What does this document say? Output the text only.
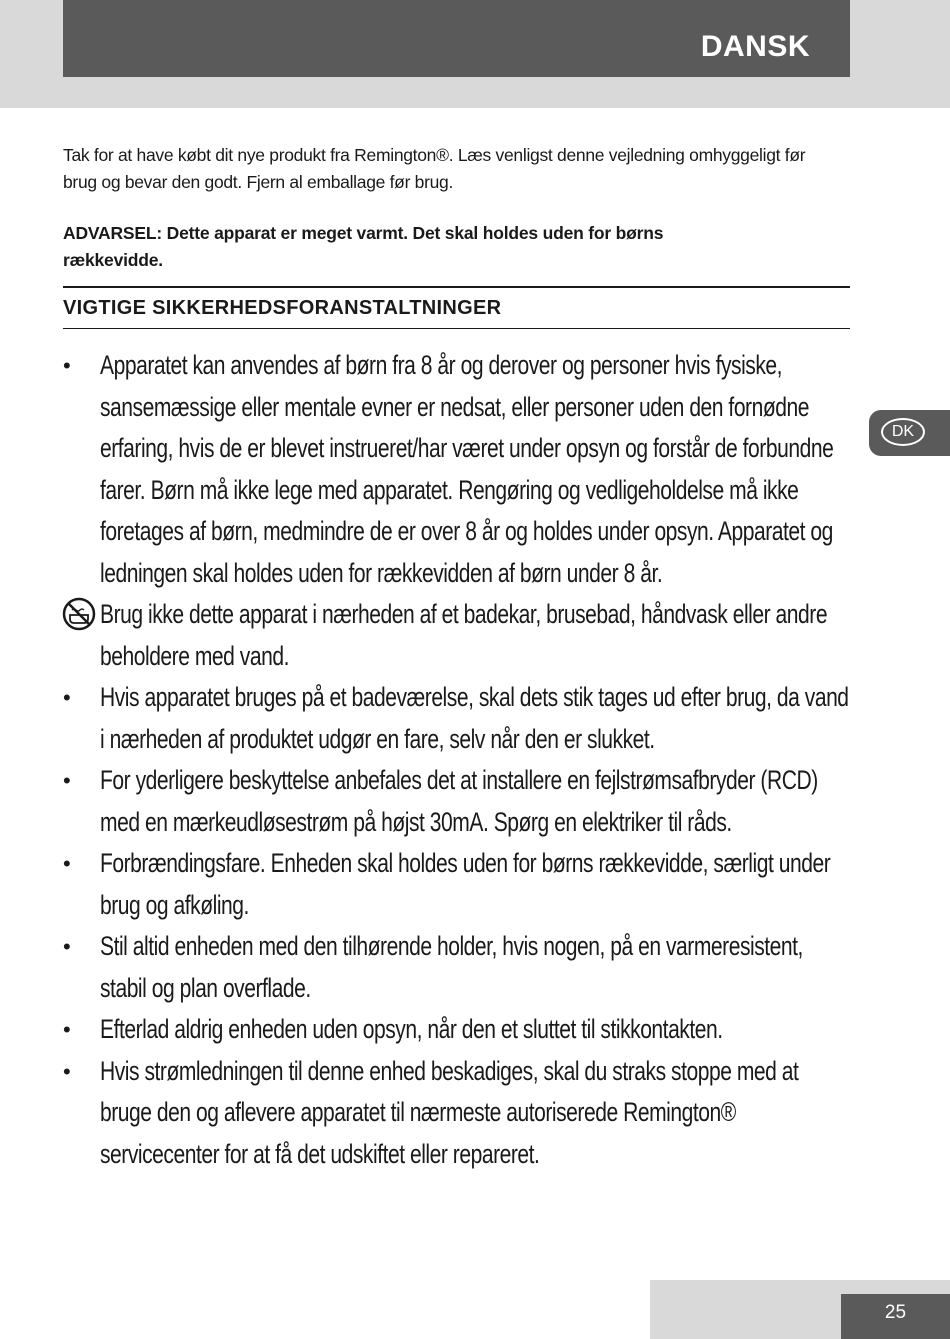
DANSK

Tak for at have købt dit nye produkt fra Remington®. Læs venligst denne vejledning omhyggeligt før brug og bevar den godt. Fjern al emballage før brug.

ADVARSEL: Dette apparat er meget varmt. Det skal holdes uden for børns rækkevidde.

VIGTIGE SIKKERHEDSFORANSTALTNINGER
DK
• Apparatet kan anvendes af børn fra 8 år og derover og personer hvis fysiske, sansemæssige eller mentale evner er nedsat, eller personer uden den fornødne erfaring, hvis de er blevet instrueret/har været under opsyn og forstår de forbundne farer. Børn må ikke lege med apparatet. Rengøring og vedligeholdelse må ikke foretages af børn, medmindre de er over 8 år og holdes under opsyn. Apparatet og ledningen skal holdes uden for rækkevidden af børn under 8 år.
Brug ikke dette apparat i nærheden af et badekar, brusebad, håndvask eller andre beholdere med vand.
• Hvis apparatet bruges på et badeværelse, skal dets stik tages ud efter brug, da vand i nærheden af produktet udgør en fare, selv når den er slukket.
• For yderligere beskyttelse anbefales det at installere en fejlstrømsafbryder (RCD) med en mærkeudløsestrøm på højst 30mA. Spørg en elektriker til råds.
• Forbrændingsfare. Enheden skal holdes uden for børns rækkevidde, særligt under brug og afkøling.
• Stil altid enheden med den tilhørende holder, hvis nogen, på en varmeresistent, stabil og plan overflade.
• Efterlad aldrig enheden uden opsyn, når den et sluttet til stikkontakten.
• Hvis strømledningen til denne enhed beskadiges, skal du straks stoppe med at bruge den og aflevere apparatet til nærmeste autoriserede Remington® servicecenter for at få det udskiftet eller repareret.
25
